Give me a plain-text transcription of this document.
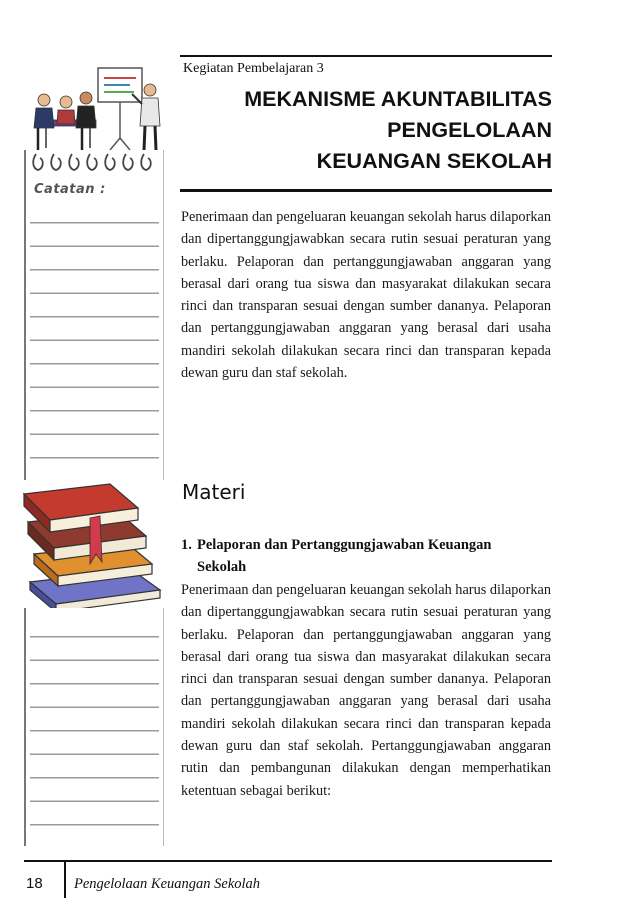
Catatan :
Kegiatan Pembelajaran 3
MEKANISME AKUNTABILITAS
PENGELOLAAN
KEUANGAN SEKOLAH

Penerimaan dan pengeluaran keuangan sekolah harus dilaporkan dan dipertanggungjawabkan secara rutin sesuai peraturan yang berlaku. Pelaporan dan pertanggungjawaban anggaran yang berasal dari orang tua siswa dan masyarakat dilakukan secara rinci dan transparan sesuai dengan sumber dananya. Pelaporan dan pertanggungjawaban anggaran yang berasal dari usaha mandiri sekolah dilakukan secara rinci dan transparan kepada dewan guru dan staf sekolah.

Materi
1. Pelaporan dan Pertanggungjawaban Keuangan
Sekolah

Penerimaan dan pengeluaran keuangan sekolah harus dilaporkan dan dipertanggungjawabkan secara rutin sesuai peraturan yang berlaku. Pelaporan dan pertanggungjawaban anggaran yang berasal dari orang tua siswa dan masyarakat dilakukan secara rinci dan transparan sesuai dengan sumber dananya. Pelaporan dan pertanggungjawaban anggaran yang berasal dari usaha mandiri sekolah dilakukan secara rinci dan transparan kepada dewan guru dan staf sekolah. Pertanggungjawaban anggaran rutin dan pembangunan dilakukan dengan memperhatikan ketentuan sebagai berikut:

18 Pengelolaan Keuangan Sekolah
